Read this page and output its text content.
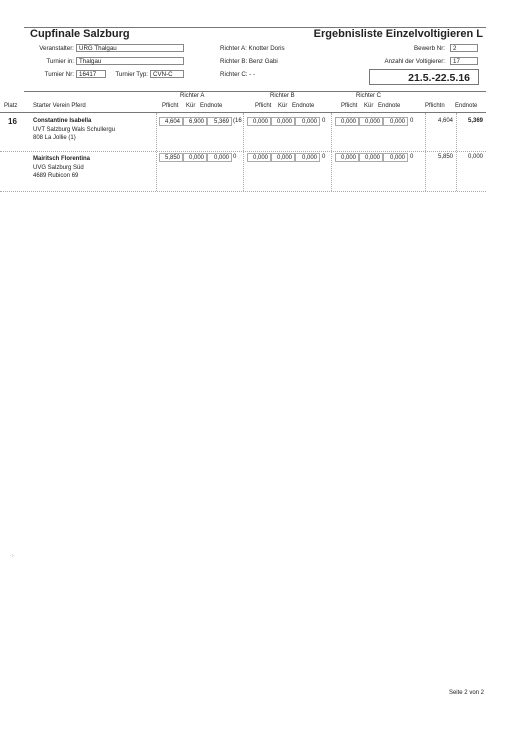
Cupfinale Salzburg	Ergebnisliste Einzelvoltigieren L
Veranstalter: URG Thalgau
Turnier in: Thalgau
Turnier Nr: 16417	Turnier Typ: CVN-C
Richter A: Knotter Doris
Richter B: Benz Gabi
Richter C: - -
Bewerb Nr:	2
Anzahl der Voltigierer:	17
21.5.-22.5.16
Richter A	Richter B	Richter C
Platz	Starter Verein Pferd	Pflicht Kür Endnote	Pflicht Kür Endnote	Pflicht Kür Endnote	Pflichtn Endnote
16	Constantine Isabella
UVT Salzburg Wals Schullergu
808 La Jollie (1)
4,604	6,900	5,369 (16	0,000	0,000	0,000 0	0,000	0,000	0,000 0	4,604	5,369
Mairitsch Florentina
UVG Salzburg Süd
4689 Rubicon 69
5,850	0,000	0,000 0	0,000	0,000	0,000 0	0,000	0,000	0,000 0	5,850	0,000
·:·
Seite 2 von 2
